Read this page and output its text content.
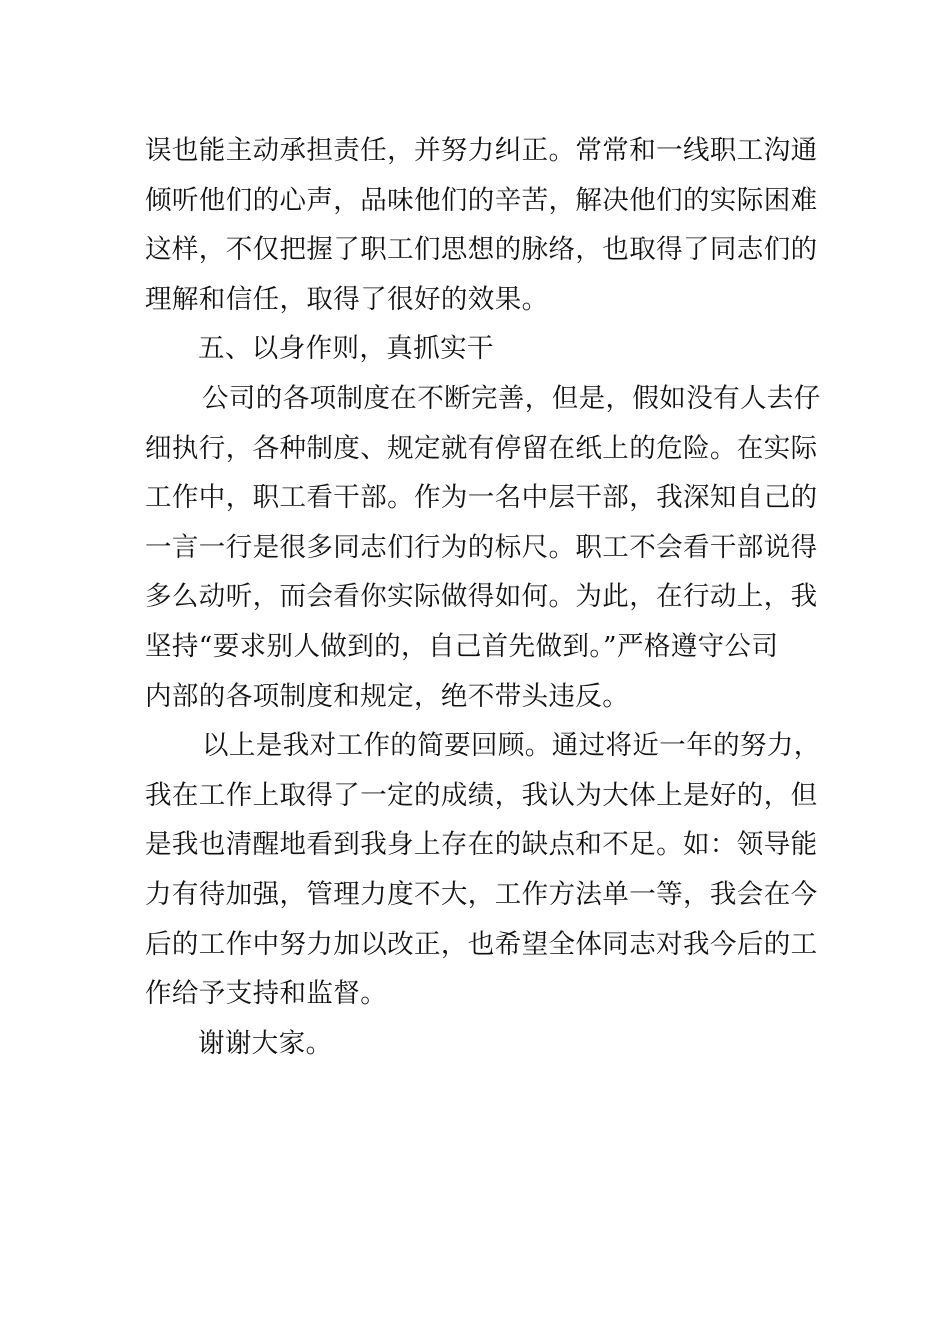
误也能主动承担责任，并努力纠正。常常和一线职工沟通
倾听他们的心声，品味他们的辛苦，解决他们的实际困难
这样，不仅把握了职工们思想的脉络，也取得了同志们的
理解和信任，取得了很好的效果。
五、以身作则，真抓实干
公司的各项制度在不断完善，但是，假如没有人去仔
细执行，各种制度、规定就有停留在纸上的危险。在实际
工作中，职工看干部。作为一名中层干部，我深知自己的
一言一行是很多同志们行为的标尺。职工不会看干部说得
多么动听，而会看你实际做得如何。为此，在行动上，我
坚持“要求别人做到的，自己首先做到。”严格遵守公司
内部的各项制度和规定，绝不带头违反。
以上是我对工作的简要回顾。通过将近一年的努力，
我在工作上取得了一定的成绩，我认为大体上是好的，但
是我也清醒地看到我身上存在的缺点和不足。如：领导能
力有待加强，管理力度不大，工作方法单一等，我会在今
后的工作中努力加以改正，也希望全体同志对我今后的工
作给予支持和监督。
谢谢大家。
